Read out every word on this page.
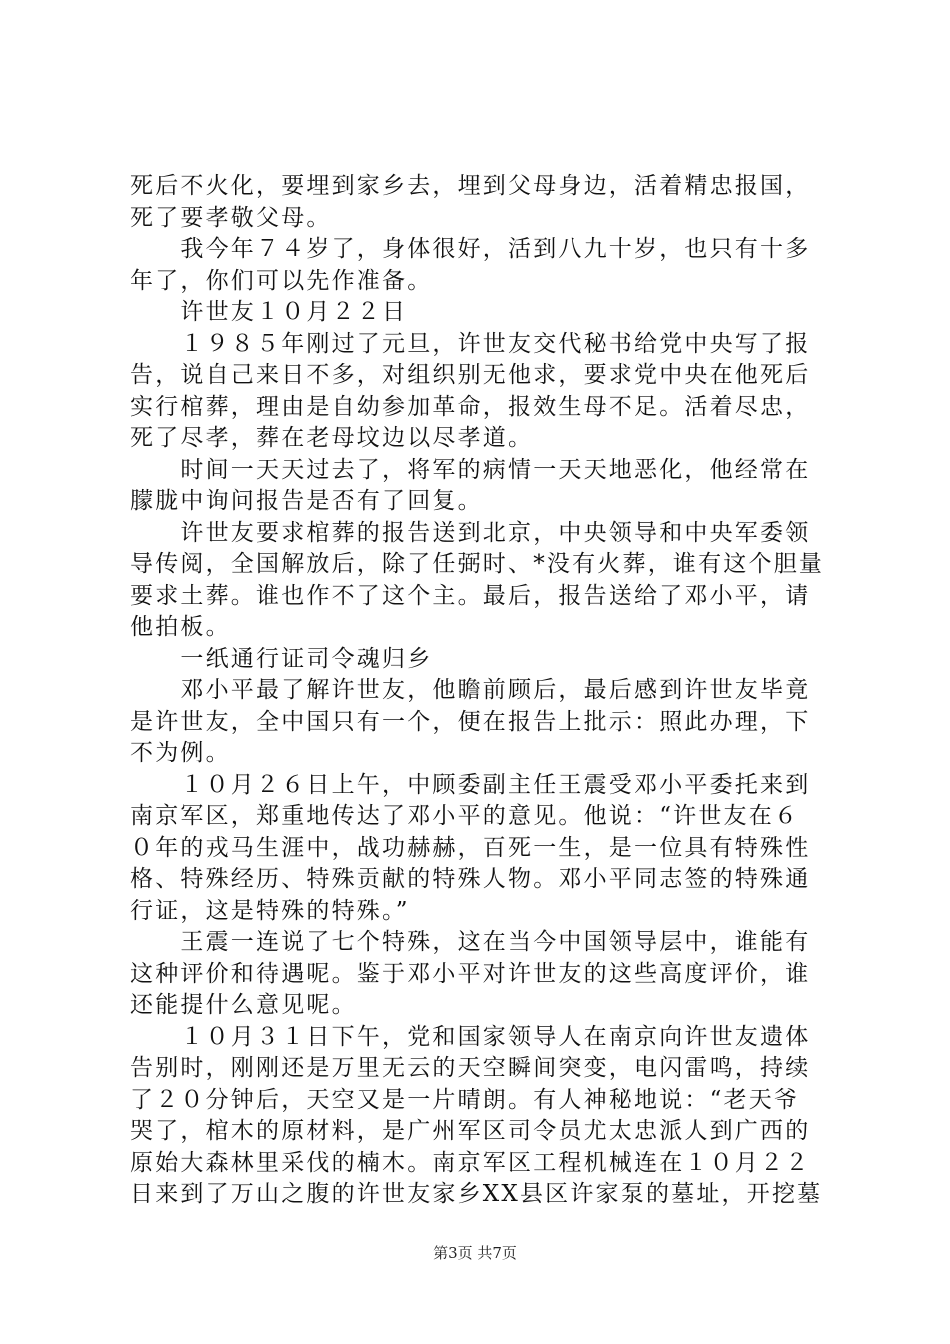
死后不火化，要埋到家乡去，埋到父母身边，活着精忠报国，
死了要孝敬父母。
　　我今年７４岁了，身体很好，活到八九十岁，也只有十多
年了，你们可以先作准备。
　　许世友１０月２２日
　　１９８５年刚过了元旦，许世友交代秘书给党中央写了报
告，说自己来日不多，对组织别无他求，要求党中央在他死后
实行棺葬，理由是自幼参加革命，报效生母不足。活着尽忠，
死了尽孝，葬在老母坟边以尽孝道。
　　时间一天天过去了，将军的病情一天天地恶化，他经常在
朦胧中询问报告是否有了回复。
　　许世友要求棺葬的报告送到北京，中央领导和中央军委领
导传阅，全国解放后，除了任弼时、*没有火葬，谁有这个胆量
要求土葬。谁也作不了这个主。最后，报告送给了邓小平，请
他拍板。
　　一纸通行证司令魂归乡
　　邓小平最了解许世友，他瞻前顾后，最后感到许世友毕竟
是许世友，全中国只有一个，便在报告上批示：照此办理，下
不为例。
　　１０月２６日上午，中顾委副主任王震受邓小平委托来到
南京军区，郑重地传达了邓小平的意见。他说：“许世友在６
０年的戎马生涯中，战功赫赫，百死一生，是一位具有特殊性
格、特殊经历、特殊贡献的特殊人物。邓小平同志签的特殊通
行证，这是特殊的特殊。”
　　王震一连说了七个特殊，这在当今中国领导层中，谁能有
这种评价和待遇呢。鉴于邓小平对许世友的这些高度评价，谁
还能提什么意见呢。
　　１０月３１日下午，党和国家领导人在南京向许世友遗体
告别时，刚刚还是万里无云的天空瞬间突变，电闪雷鸣，持续
了２０分钟后，天空又是一片晴朗。有人神秘地说：“老天爷
哭了，棺木的原材料，是广州军区司令员尤太忠派人到广西的
原始大森林里采伐的楠木。南京军区工程机械连在１０月２２
日来到了万山之腹的许世友家乡XX县区许家泵的墓址，开挖墓
第3页 共7页
